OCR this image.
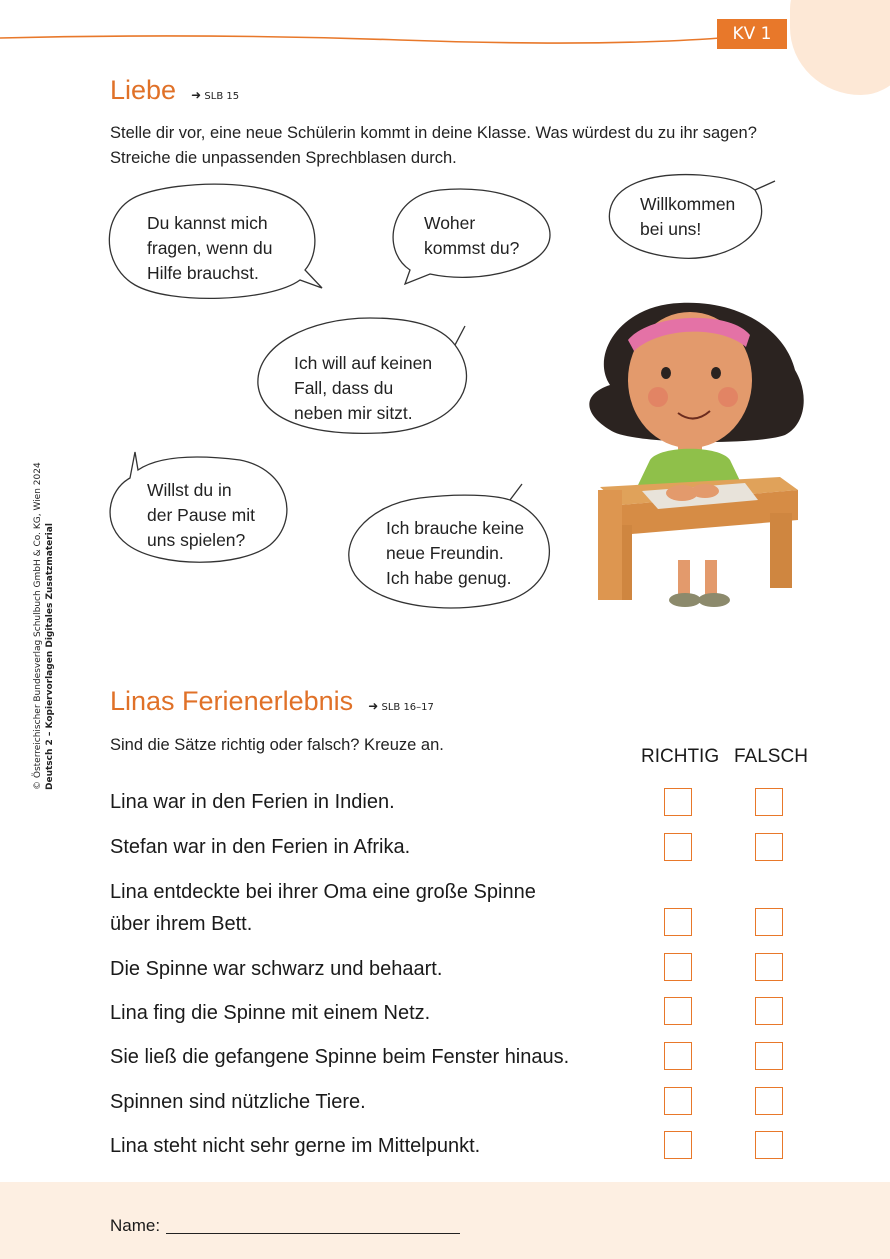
KV 1
© Österreichischer Bundesverlag Schulbuch GmbH & Co. KG, Wien 2024 Deutsch 2 – Kopiervorlagen Digitales Zusatzmaterial
Liebe ➜ SLB 15
Stelle dir vor, eine neue Schülerin kommt in deine Klasse. Was würdest du zu ihr sagen?
Streiche die unpassenden Sprechblasen durch.
Du kannst mich
fragen, wenn du
Hilfe brauchst.
Woher
kommst du?
Willkommen
bei uns!
Ich will auf keinen
Fall, dass du
neben mir sitzt.
Willst du in
der Pause mit
uns spielen?
Ich brauche keine
neue Freundin.
Ich habe genug.
Linas Ferienerlebnis ➜ SLB 16–17
Sind die Sätze richtig oder falsch? Kreuze an.
RICHTIG FALSCH
Lina war in den Ferien in Indien.
Stefan war in den Ferien in Afrika.
Lina entdeckte bei ihrer Oma eine große Spinne
über ihrem Bett.
Die Spinne war schwarz und behaart.
Lina fing die Spinne mit einem Netz.
Sie ließ die gefangene Spinne beim Fenster hinaus.
Spinnen sind nützliche Tiere.
Lina steht nicht sehr gerne im Mittelpunkt.
Name:
